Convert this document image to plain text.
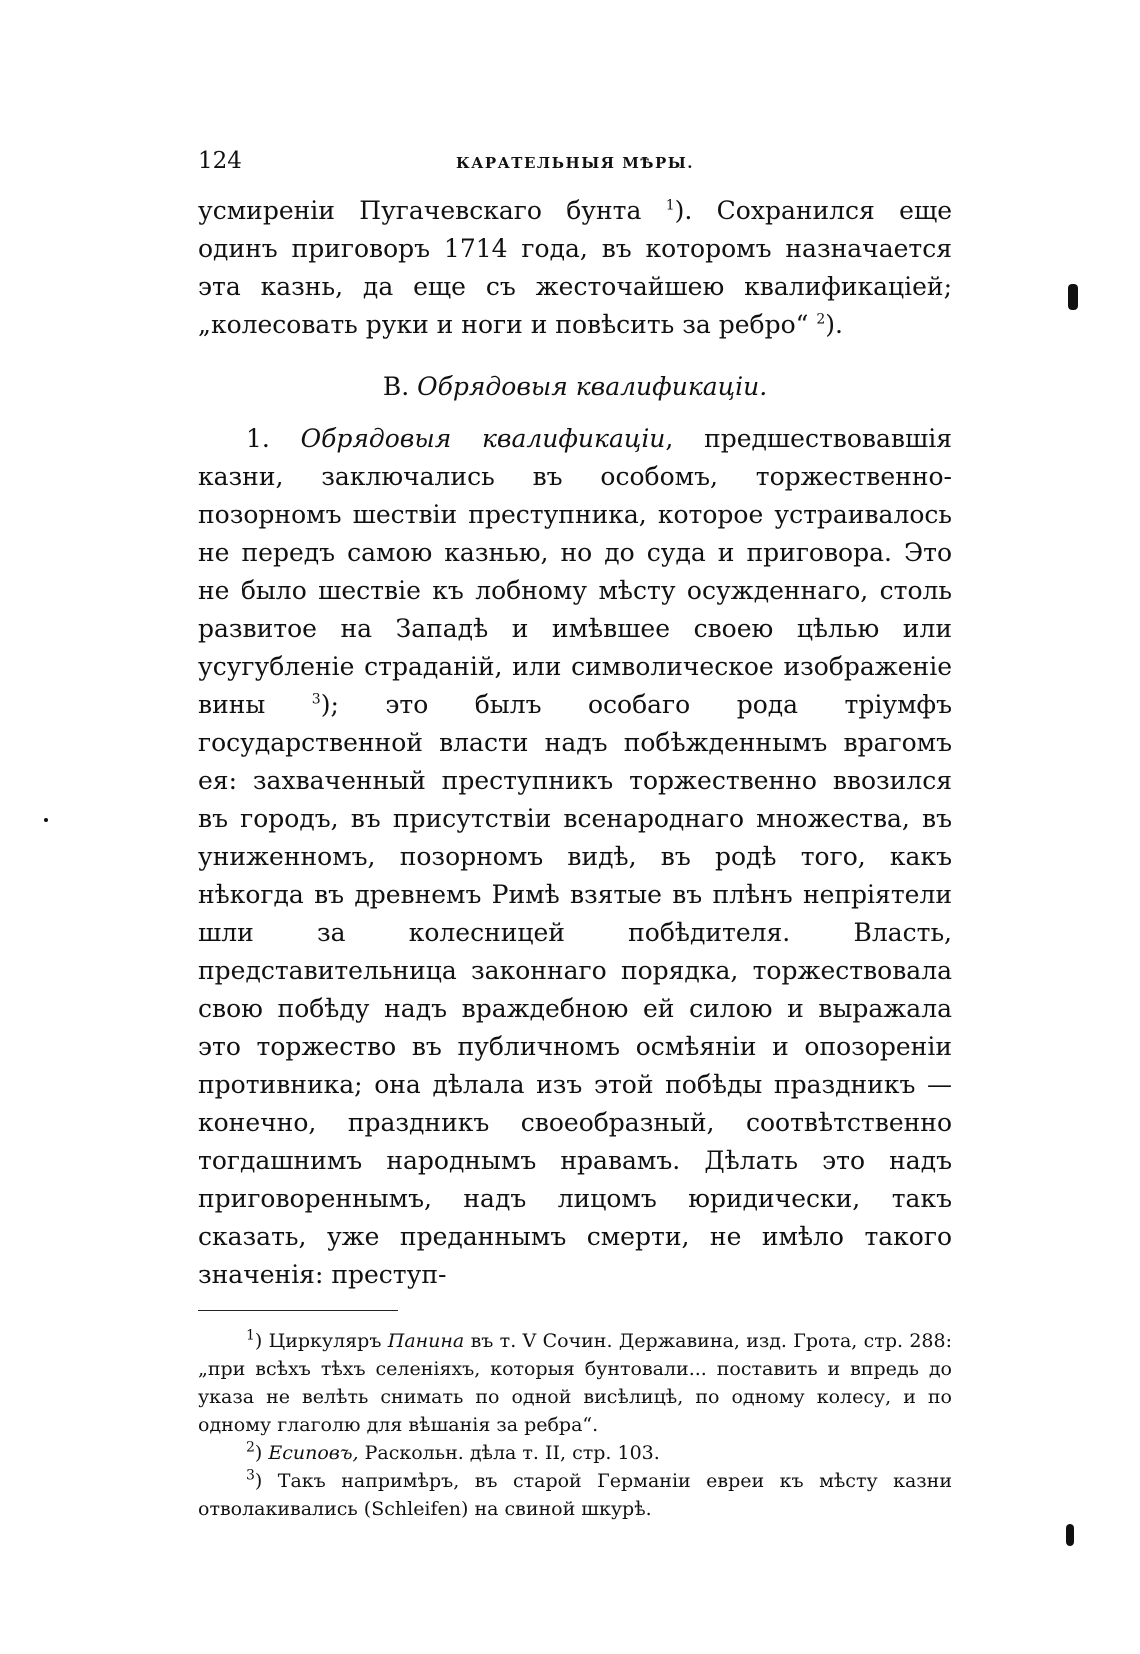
124	КАРАТЕЛЬНЫЯ МѢРЫ.

усмиренiи Пугачевскаго бунта $^1$). Сохранился еще одинъ приговоръ 1714 года, въ которомъ назначается эта казнь, да еще съ жесточайшею квалификацiей; „колесовать руки и ноги и повѣсить за ребро“ $^2$).

В. Обрядовыя квалификацiи.

1. Обрядовыя квалификацiи, предшествовавшiя казни, заключались въ особомъ, торжественно-позорномъ шествiи преступника, которое устраивалось не передъ самою казнью, но до суда и приговора. Это не было шествiе къ лобному мѣсту осужденнаго, столь развитое на Западѣ и имѣвшее своею цѣлью или усугубленiе страданiй, или символическое изображенiе вины $^3$); это былъ особаго рода трiумфъ государственной власти надъ побѣжденнымъ врагомъ ея: захваченный преступникъ торжественно ввозился въ городъ, въ присутствiи всенароднаго множества, въ униженномъ, позорномъ видѣ, въ родѣ того, какъ нѣкогда въ древнемъ Римѣ взятые въ плѣнъ непрiятели шли за колесницей побѣдителя. Власть, представительница законнаго порядка, торжествовала свою побѣду надъ враждебною ей силою и выражала это торжество въ публичномъ осмѣянiи и опозоренiи противника; она дѣлала изъ этой побѣды праздникъ — конечно, праздникъ своеобразный, соотвѣтственно тогдашнимъ народнымъ нравамъ. Дѣлать это надъ приговореннымъ, надъ лицомъ юридически, такъ сказать, уже преданнымъ смерти, не имѣло такого значенiя: преступ-

$^1$) Циркуляръ Панина въ т. V Сочин. Державина, изд. Грота, стр. 288: „при всѣхъ тѣхъ селенiяхъ, которыя бунтовали... поставить и впредь до указа не велѣть снимать по одной висѣлицѣ, по одному колесу, и по одному глаголю для вѣшанiя за ребра“.

$^2$) Есиповъ, Раскольн. дѣла т. II, стр. 103.

$^3$) Такъ напримѣръ, въ старой Германiи евреи къ мѣсту казни отволакивались (Schleifen) на свиной шкурѣ.
